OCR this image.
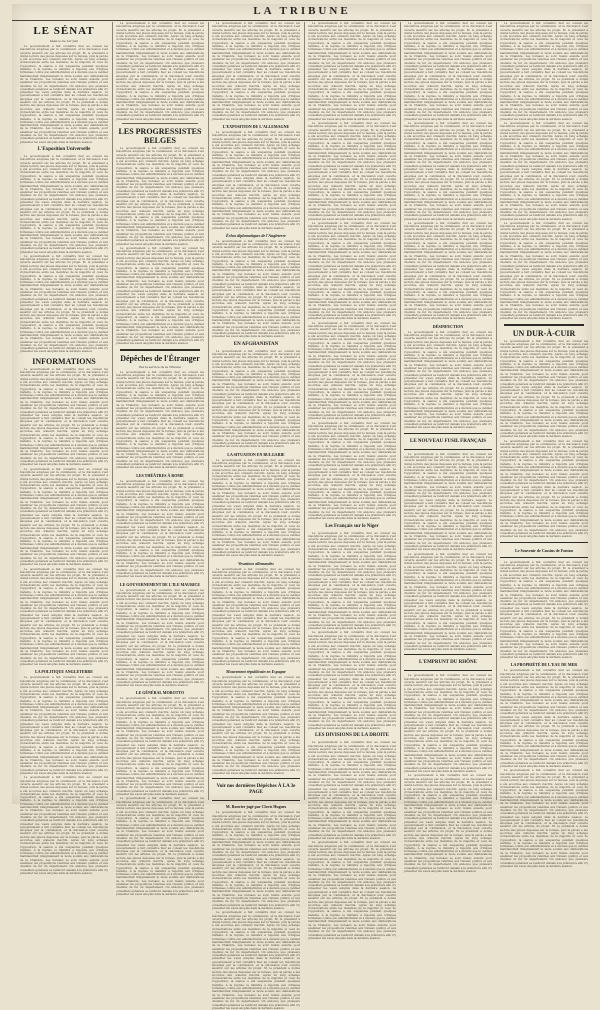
LA TRIBUNE
LE SÉNAT
Séance du 1er juin

Le gouvernement a fait connaître hier au conseil les résolutions adoptées par la commission, et la discussion s'est ouverte aussitôt sur les articles du projet. M. le président a donné lecture des pièces déposées sur le bureau, puis la parole a été accordée aux orateurs inscrits. Après un long échange d'observations entre les membres de la majorité et ceux de l'opposition, la séance a été suspendue pendant quelques instants. À la reprise, le ministre a répondu aux critiques formulées contre son administration et a déclaré que le cabinet maintiendrait intégralement le texte soumis aux délibérations de la Chambre. Les bureaux se sont réunis ensuite pour examiner les propositions relatives aux travaux publics et aux chemins de fer du département. On annonce que plusieurs conseillers généraux se rendront demain à la préfecture afin d'y présenter les vœux adoptés dans la dernière session. Le gouvernement a fait connaître hier au conseil les résolutions adoptées par la commission, et la discussion s'est ouverte aussitôt sur les articles du projet. M. le président a donné lecture des pièces déposées sur le bureau, puis la parole a été accordée aux orateurs inscrits. Après un long échange d'observations entre les membres de la majorité et ceux de l'opposition, la séance a été suspendue pendant quelques instants. À la reprise, le ministre a répondu aux critiques formulées contre son administration et a déclaré que le cabinet maintiendrait intégralement le texte soumis aux délibérations de la Chambre. Les bureaux se sont réunis ensuite pour examiner les propositions relatives aux travaux publics et aux chemins de fer du département. On annonce que plusieurs conseillers généraux se rendront demain à la préfecture afin d'y présenter les vœux adoptés dans la dernière session.

L'Exposition Universelle

Le gouvernement a fait connaître hier au conseil les résolutions adoptées par la commission, et la discussion s'est ouverte aussitôt sur les articles du projet. M. le président a donné lecture des pièces déposées sur le bureau, puis la parole a été accordée aux orateurs inscrits. Après un long échange d'observations entre les membres de la majorité et ceux de l'opposition, la séance a été suspendue pendant quelques instants. À la reprise, le ministre a répondu aux critiques formulées contre son administration et a déclaré que le cabinet maintiendrait intégralement le texte soumis aux délibérations de la Chambre. Les bureaux se sont réunis ensuite pour examiner les propositions relatives aux travaux publics et aux chemins de fer du département. On annonce que plusieurs conseillers généraux se rendront demain à la préfecture afin d'y présenter les vœux adoptés dans la dernière session. Le gouvernement a fait connaître hier au conseil les résolutions adoptées par la commission, et la discussion s'est ouverte aussitôt sur les articles du projet. M. le président a donné lecture des pièces déposées sur le bureau, puis la parole a été accordée aux orateurs inscrits. Après un long échange d'observations entre les membres de la majorité et ceux de l'opposition, la séance a été suspendue pendant quelques instants. À la reprise, le ministre a répondu aux critiques formulées contre son administration et a déclaré que le cabinet maintiendrait intégralement le texte soumis aux délibérations de la Chambre. Les bureaux se sont réunis ensuite pour examiner les propositions relatives aux travaux publics et aux chemins de fer du département. On annonce que plusieurs conseillers généraux se rendront demain à la préfecture afin d'y présenter les vœux adoptés dans la dernière session.

Le gouvernement a fait connaître hier au conseil les résolutions adoptées par la commission, et la discussion s'est ouverte aussitôt sur les articles du projet. M. le président a donné lecture des pièces déposées sur le bureau, puis la parole a été accordée aux orateurs inscrits. Après un long échange d'observations entre les membres de la majorité et ceux de l'opposition, la séance a été suspendue pendant quelques instants. À la reprise, le ministre a répondu aux critiques formulées contre son administration et a déclaré que le cabinet maintiendrait intégralement le texte soumis aux délibérations de la Chambre. Les bureaux se sont réunis ensuite pour examiner les propositions relatives aux travaux publics et aux chemins de fer du département. On annonce que plusieurs conseillers généraux se rendront demain à la préfecture afin d'y présenter les vœux adoptés dans la dernière session. Le gouvernement a fait connaître hier au conseil les résolutions adoptées par la commission, et la discussion s'est ouverte aussitôt sur les articles du projet. M. le président a donné lecture des pièces déposées sur le bureau, puis la parole a été accordée aux orateurs inscrits. Après un long échange d'observations entre les membres de la majorité et ceux de l'opposition, la séance a été suspendue pendant quelques instants. À la reprise, le ministre a répondu aux critiques formulées contre son administration et a déclaré que le cabinet maintiendrait intégralement le texte soumis aux délibérations de la Chambre. Les bureaux se sont réunis ensuite pour examiner les propositions relatives aux travaux publics et aux chemins de fer du département. On annonce que plusieurs conseillers généraux se rendront demain à la préfecture afin d'y présenter les vœux adoptés dans la dernière session.

INFORMATIONS

Le gouvernement a fait connaître hier au conseil les résolutions adoptées par la commission, et la discussion s'est ouverte aussitôt sur les articles du projet. M. le président a donné lecture des pièces déposées sur le bureau, puis la parole a été accordée aux orateurs inscrits. Après un long échange d'observations entre les membres de la majorité et ceux de l'opposition, la séance a été suspendue pendant quelques instants. À la reprise, le ministre a répondu aux critiques formulées contre son administration et a déclaré que le cabinet maintiendrait intégralement le texte soumis aux délibérations de la Chambre. Les bureaux se sont réunis ensuite pour examiner les propositions relatives aux travaux publics et aux chemins de fer du département. On annonce que plusieurs conseillers généraux se rendront demain à la préfecture afin d'y présenter les vœux adoptés dans la dernière session. Le gouvernement a fait connaître hier au conseil les résolutions adoptées par la commission, et la discussion s'est ouverte aussitôt sur les articles du projet. M. le président a donné lecture des pièces déposées sur le bureau, puis la parole a été accordée aux orateurs inscrits. Après un long échange d'observations entre les membres de la majorité et ceux de l'opposition, la séance a été suspendue pendant quelques instants. À la reprise, le ministre a répondu aux critiques formulées contre son administration et a déclaré que le cabinet maintiendrait intégralement le texte soumis aux délibérations de la Chambre. Les bureaux se sont réunis ensuite pour examiner les propositions relatives aux travaux publics et aux chemins de fer du département. On annonce que plusieurs conseillers généraux se rendront demain à la préfecture afin d'y présenter les vœux adoptés dans la dernière session.

Le gouvernement a fait connaître hier au conseil les résolutions adoptées par la commission, et la discussion s'est ouverte aussitôt sur les articles du projet. M. le président a donné lecture des pièces déposées sur le bureau, puis la parole a été accordée aux orateurs inscrits. Après un long échange d'observations entre les membres de la majorité et ceux de l'opposition, la séance a été suspendue pendant quelques instants. À la reprise, le ministre a répondu aux critiques formulées contre son administration et a déclaré que le cabinet maintiendrait intégralement le texte soumis aux délibérations de la Chambre. Les bureaux se sont réunis ensuite pour examiner les propositions relatives aux travaux publics et aux chemins de fer du département. On annonce que plusieurs conseillers généraux se rendront demain à la préfecture afin d'y présenter les vœux adoptés dans la dernière session. Le gouvernement a fait connaître hier au conseil les résolutions adoptées par la commission, et la discussion s'est ouverte aussitôt sur les articles du projet. M. le président a donné lecture des pièces déposées sur le bureau, puis la parole a été accordée aux orateurs inscrits. Après un long échange d'observations entre les membres de la majorité et ceux de l'opposition, la séance a été suspendue pendant quelques instants. À la reprise, le ministre a répondu aux critiques formulées contre son administration et a déclaré que le cabinet maintiendrait intégralement le texte soumis aux délibérations de la Chambre. Les bureaux se sont réunis ensuite pour examiner les propositions relatives aux travaux publics et aux chemins de fer du département. On annonce que plusieurs conseillers généraux se rendront demain à la préfecture afin d'y présenter les vœux adoptés dans la dernière session.

Le gouvernement a fait connaître hier au conseil les résolutions adoptées par la commission, et la discussion s'est ouverte aussitôt sur les articles du projet. M. le président a donné lecture des pièces déposées sur le bureau, puis la parole a été accordée aux orateurs inscrits. Après un long échange d'observations entre les membres de la majorité et ceux de l'opposition, la séance a été suspendue pendant quelques instants. À la reprise, le ministre a répondu aux critiques formulées contre son administration et a déclaré que le cabinet maintiendrait intégralement le texte soumis aux délibérations de la Chambre. Les bureaux se sont réunis ensuite pour examiner les propositions relatives aux travaux publics et aux chemins de fer du département. On annonce que plusieurs conseillers généraux se rendront demain à la préfecture afin d'y présenter les vœux adoptés dans la dernière session. Le gouvernement a fait connaître hier au conseil les résolutions adoptées par la commission, et la discussion s'est ouverte aussitôt sur les articles du projet. M. le président a donné lecture des pièces déposées sur le bureau, puis la parole a été accordée aux orateurs inscrits. Après un long échange d'observations entre les membres de la majorité et ceux de l'opposition, la séance a été suspendue pendant quelques instants. À la reprise, le ministre a répondu aux critiques formulées contre son administration et a déclaré que le cabinet maintiendrait intégralement le texte soumis aux délibérations de la Chambre. Les bureaux se sont réunis ensuite pour examiner les propositions relatives aux travaux publics et aux chemins de fer du département. On annonce que plusieurs conseillers généraux se rendront demain à la préfecture afin d'y présenter les vœux adoptés dans la dernière session.

LA POLITIQUE ANGLETERRE

Le gouvernement a fait connaître hier au conseil les résolutions adoptées par la commission, et la discussion s'est ouverte aussitôt sur les articles du projet. M. le président a donné lecture des pièces déposées sur le bureau, puis la parole a été accordée aux orateurs inscrits. Après un long échange d'observations entre les membres de la majorité et ceux de l'opposition, la séance a été suspendue pendant quelques instants. À la reprise, le ministre a répondu aux critiques formulées contre son administration et a déclaré que le cabinet maintiendrait intégralement le texte soumis aux délibérations de la Chambre. Les bureaux se sont réunis ensuite pour examiner les propositions relatives aux travaux publics et aux chemins de fer du département. On annonce que plusieurs conseillers généraux se rendront demain à la préfecture afin d'y présenter les vœux adoptés dans la dernière session. Le gouvernement a fait connaître hier au conseil les résolutions adoptées par la commission, et la discussion s'est ouverte aussitôt sur les articles du projet. M. le président a donné lecture des pièces déposées sur le bureau, puis la parole a été accordée aux orateurs inscrits. Après un long échange d'observations entre les membres de la majorité et ceux de l'opposition, la séance a été suspendue pendant quelques instants. À la reprise, le ministre a répondu aux critiques formulées contre son administration et a déclaré que le cabinet maintiendrait intégralement le texte soumis aux délibérations de la Chambre. Les bureaux se sont réunis ensuite pour examiner les propositions relatives aux travaux publics et aux chemins de fer du département. On annonce que plusieurs conseillers généraux se rendront demain à la préfecture afin d'y présenter les vœux adoptés dans la dernière session.

Le gouvernement a fait connaître hier au conseil les résolutions adoptées par la commission, et la discussion s'est ouverte aussitôt sur les articles du projet. M. le président a donné lecture des pièces déposées sur le bureau, puis la parole a été accordée aux orateurs inscrits. Après un long échange d'observations entre les membres de la majorité et ceux de l'opposition, la séance a été suspendue pendant quelques instants. À la reprise, le ministre a répondu aux critiques formulées contre son administration et a déclaré que le cabinet maintiendrait intégralement le texte soumis aux délibérations de la Chambre. Les bureaux se sont réunis ensuite pour examiner les propositions relatives aux travaux publics et aux chemins de fer du département. On annonce que plusieurs conseillers généraux se rendront demain à la préfecture afin d'y présenter les vœux adoptés dans la dernière session. Le gouvernement a fait connaître hier au conseil les résolutions adoptées par la commission, et la discussion s'est ouverte aussitôt sur les articles du projet. M. le président a donné lecture des pièces déposées sur le bureau, puis la parole a été accordée aux orateurs inscrits. Après un long échange d'observations entre les membres de la majorité et ceux de l'opposition, la séance a été suspendue pendant quelques instants. À la reprise, le ministre a répondu aux critiques formulées contre son administration et a déclaré que le cabinet maintiendrait intégralement le texte soumis aux délibérations de la Chambre. Les bureaux se sont réunis ensuite pour examiner les propositions relatives aux travaux publics et aux chemins de fer du département. On annonce que plusieurs conseillers généraux se rendront demain à la préfecture afin d'y présenter les vœux adoptés dans la dernière session.

Le gouvernement a fait connaître hier au conseil les résolutions adoptées par la commission, et la discussion s'est ouverte aussitôt sur les articles du projet. M. le président a donné lecture des pièces déposées sur le bureau, puis la parole a été accordée aux orateurs inscrits. Après un long échange d'observations entre les membres de la majorité et ceux de l'opposition, la séance a été suspendue pendant quelques instants. À la reprise, le ministre a répondu aux critiques formulées contre son administration et a déclaré que le cabinet maintiendrait intégralement le texte soumis aux délibérations de la Chambre. Les bureaux se sont réunis ensuite pour examiner les propositions relatives aux travaux publics et aux chemins de fer du département. On annonce que plusieurs conseillers généraux se rendront demain à la préfecture afin d'y présenter les vœux adoptés dans la dernière session. Le gouvernement a fait connaître hier au conseil les résolutions adoptées par la commission, et la discussion s'est ouverte aussitôt sur les articles du projet. M. le président a donné lecture des pièces déposées sur le bureau, puis la parole a été accordée aux orateurs inscrits. Après un long échange d'observations entre les membres de la majorité et ceux de l'opposition, la séance a été suspendue pendant quelques instants. À la reprise, le ministre a répondu aux critiques formulées contre son administration et a déclaré que le cabinet maintiendrait intégralement le texte soumis aux délibérations de la Chambre. Les bureaux se sont réunis ensuite pour examiner les propositions relatives aux travaux publics et aux chemins de fer du département. On annonce que plusieurs conseillers généraux se rendront demain à la préfecture afin d'y présenter les vœux adoptés dans la dernière session.

LES PROGRESSISTES BELGES

Le gouvernement a fait connaître hier au conseil les résolutions adoptées par la commission, et la discussion s'est ouverte aussitôt sur les articles du projet. M. le président a donné lecture des pièces déposées sur le bureau, puis la parole a été accordée aux orateurs inscrits. Après un long échange d'observations entre les membres de la majorité et ceux de l'opposition, la séance a été suspendue pendant quelques instants. À la reprise, le ministre a répondu aux critiques formulées contre son administration et a déclaré que le cabinet maintiendrait intégralement le texte soumis aux délibérations de la Chambre. Les bureaux se sont réunis ensuite pour examiner les propositions relatives aux travaux publics et aux chemins de fer du département. On annonce que plusieurs conseillers généraux se rendront demain à la préfecture afin d'y présenter les vœux adoptés dans la dernière session. Le gouvernement a fait connaître hier au conseil les résolutions adoptées par la commission, et la discussion s'est ouverte aussitôt sur les articles du projet. M. le président a donné lecture des pièces déposées sur le bureau, puis la parole a été accordée aux orateurs inscrits. Après un long échange d'observations entre les membres de la majorité et ceux de l'opposition, la séance a été suspendue pendant quelques instants. À la reprise, le ministre a répondu aux critiques formulées contre son administration et a déclaré que le cabinet maintiendrait intégralement le texte soumis aux délibérations de la Chambre. Les bureaux se sont réunis ensuite pour examiner les propositions relatives aux travaux publics et aux chemins de fer du département. On annonce que plusieurs conseillers généraux se rendront demain à la préfecture afin d'y présenter les vœux adoptés dans la dernière session.

Le gouvernement a fait connaître hier au conseil les résolutions adoptées par la commission, et la discussion s'est ouverte aussitôt sur les articles du projet. M. le président a donné lecture des pièces déposées sur le bureau, puis la parole a été accordée aux orateurs inscrits. Après un long échange d'observations entre les membres de la majorité et ceux de l'opposition, la séance a été suspendue pendant quelques instants. À la reprise, le ministre a répondu aux critiques formulées contre son administration et a déclaré que le cabinet maintiendrait intégralement le texte soumis aux délibérations de la Chambre. Les bureaux se sont réunis ensuite pour examiner les propositions relatives aux travaux publics et aux chemins de fer du département. On annonce que plusieurs conseillers généraux se rendront demain à la préfecture afin d'y présenter les vœux adoptés dans la dernière session. Le gouvernement a fait connaître hier au conseil les résolutions adoptées par la commission, et la discussion s'est ouverte aussitôt sur les articles du projet. M. le président a donné lecture des pièces déposées sur le bureau, puis la parole a été accordée aux orateurs inscrits. Après un long échange d'observations entre les membres de la majorité et ceux de l'opposition, la séance a été suspendue pendant quelques instants. À la reprise, le ministre a répondu aux critiques formulées contre son administration et a déclaré que le cabinet maintiendrait intégralement le texte soumis aux délibérations de la Chambre. Les bureaux se sont réunis ensuite pour examiner les propositions relatives aux travaux publics et aux chemins de fer du département. On annonce que plusieurs conseillers généraux se rendront demain à la préfecture afin d'y présenter les vœux adoptés dans la dernière session.

Dépêches de l'Étranger
Par le service de la Tribune

Le gouvernement a fait connaître hier au conseil les résolutions adoptées par la commission, et la discussion s'est ouverte aussitôt sur les articles du projet. M. le président a donné lecture des pièces déposées sur le bureau, puis la parole a été accordée aux orateurs inscrits. Après un long échange d'observations entre les membres de la majorité et ceux de l'opposition, la séance a été suspendue pendant quelques instants. À la reprise, le ministre a répondu aux critiques formulées contre son administration et a déclaré que le cabinet maintiendrait intégralement le texte soumis aux délibérations de la Chambre. Les bureaux se sont réunis ensuite pour examiner les propositions relatives aux travaux publics et aux chemins de fer du département. On annonce que plusieurs conseillers généraux se rendront demain à la préfecture afin d'y présenter les vœux adoptés dans la dernière session. Le gouvernement a fait connaître hier au conseil les résolutions adoptées par la commission, et la discussion s'est ouverte aussitôt sur les articles du projet. M. le président a donné lecture des pièces déposées sur le bureau, puis la parole a été accordée aux orateurs inscrits. Après un long échange d'observations entre les membres de la majorité et ceux de l'opposition, la séance a été suspendue pendant quelques instants. À la reprise, le ministre a répondu aux critiques formulées contre son administration et a déclaré que le cabinet maintiendrait intégralement le texte soumis aux délibérations de la Chambre. Les bureaux se sont réunis ensuite pour examiner les propositions relatives aux travaux publics et aux chemins de fer du département. On annonce que plusieurs conseillers généraux se rendront demain à la préfecture afin d'y présenter les vœux adoptés dans la dernière session.

LES THÉÂTRES À ROME

Le gouvernement a fait connaître hier au conseil les résolutions adoptées par la commission, et la discussion s'est ouverte aussitôt sur les articles du projet. M. le président a donné lecture des pièces déposées sur le bureau, puis la parole a été accordée aux orateurs inscrits. Après un long échange d'observations entre les membres de la majorité et ceux de l'opposition, la séance a été suspendue pendant quelques instants. À la reprise, le ministre a répondu aux critiques formulées contre son administration et a déclaré que le cabinet maintiendrait intégralement le texte soumis aux délibérations de la Chambre. Les bureaux se sont réunis ensuite pour examiner les propositions relatives aux travaux publics et aux chemins de fer du département. On annonce que plusieurs conseillers généraux se rendront demain à la préfecture afin d'y présenter les vœux adoptés dans la dernière session. Le gouvernement a fait connaître hier au conseil les résolutions adoptées par la commission, et la discussion s'est ouverte aussitôt sur les articles du projet. M. le président a donné lecture des pièces déposées sur le bureau, puis la parole a été accordée aux orateurs inscrits. Après un long échange d'observations entre les membres de la majorité et ceux de l'opposition, la séance a été suspendue pendant quelques instants. À la reprise, le ministre a répondu aux critiques formulées contre son administration et a déclaré que le cabinet maintiendrait intégralement le texte soumis aux délibérations de la Chambre. Les bureaux se sont réunis ensuite pour examiner les propositions relatives aux travaux publics et aux chemins de fer du département. On annonce que plusieurs conseillers généraux se rendront demain à la préfecture afin d'y présenter les vœux adoptés dans la dernière session.

LE GOUVERNEMENT DE L'ILE MAURICE

Le gouvernement a fait connaître hier au conseil les résolutions adoptées par la commission, et la discussion s'est ouverte aussitôt sur les articles du projet. M. le président a donné lecture des pièces déposées sur le bureau, puis la parole a été accordée aux orateurs inscrits. Après un long échange d'observations entre les membres de la majorité et ceux de l'opposition, la séance a été suspendue pendant quelques instants. À la reprise, le ministre a répondu aux critiques formulées contre son administration et a déclaré que le cabinet maintiendrait intégralement le texte soumis aux délibérations de la Chambre. Les bureaux se sont réunis ensuite pour examiner les propositions relatives aux travaux publics et aux chemins de fer du département. On annonce que plusieurs conseillers généraux se rendront demain à la préfecture afin d'y présenter les vœux adoptés dans la dernière session. Le gouvernement a fait connaître hier au conseil les résolutions adoptées par la commission, et la discussion s'est ouverte aussitôt sur les articles du projet. M. le président a donné lecture des pièces déposées sur le bureau, puis la parole a été accordée aux orateurs inscrits. Après un long échange d'observations entre les membres de la majorité et ceux de l'opposition, la séance a été suspendue pendant quelques instants. À la reprise, le ministre a répondu aux critiques formulées contre son administration et a déclaré que le cabinet maintiendrait intégralement le texte soumis aux délibérations de la Chambre. Les bureaux se sont réunis ensuite pour examiner les propositions relatives aux travaux publics et aux chemins de fer du département. On annonce que plusieurs conseillers généraux se rendront demain à la préfecture afin d'y présenter les vœux adoptés dans la dernière session.

LE GÉNÉRAL MOROTTO

Le gouvernement a fait connaître hier au conseil les résolutions adoptées par la commission, et la discussion s'est ouverte aussitôt sur les articles du projet. M. le président a donné lecture des pièces déposées sur le bureau, puis la parole a été accordée aux orateurs inscrits. Après un long échange d'observations entre les membres de la majorité et ceux de l'opposition, la séance a été suspendue pendant quelques instants. À la reprise, le ministre a répondu aux critiques formulées contre son administration et a déclaré que le cabinet maintiendrait intégralement le texte soumis aux délibérations de la Chambre. Les bureaux se sont réunis ensuite pour examiner les propositions relatives aux travaux publics et aux chemins de fer du département. On annonce que plusieurs conseillers généraux se rendront demain à la préfecture afin d'y présenter les vœux adoptés dans la dernière session. Le gouvernement a fait connaître hier au conseil les résolutions adoptées par la commission, et la discussion s'est ouverte aussitôt sur les articles du projet. M. le président a donné lecture des pièces déposées sur le bureau, puis la parole a été accordée aux orateurs inscrits. Après un long échange d'observations entre les membres de la majorité et ceux de l'opposition, la séance a été suspendue pendant quelques instants. À la reprise, le ministre a répondu aux critiques formulées contre son administration et a déclaré que le cabinet maintiendrait intégralement le texte soumis aux délibérations de la Chambre. Les bureaux se sont réunis ensuite pour examiner les propositions relatives aux travaux publics et aux chemins de fer du département. On annonce que plusieurs conseillers généraux se rendront demain à la préfecture afin d'y présenter les vœux adoptés dans la dernière session.

Le gouvernement a fait connaître hier au conseil les résolutions adoptées par la commission, et la discussion s'est ouverte aussitôt sur les articles du projet. M. le président a donné lecture des pièces déposées sur le bureau, puis la parole a été accordée aux orateurs inscrits. Après un long échange d'observations entre les membres de la majorité et ceux de l'opposition, la séance a été suspendue pendant quelques instants. À la reprise, le ministre a répondu aux critiques formulées contre son administration et a déclaré que le cabinet maintiendrait intégralement le texte soumis aux délibérations de la Chambre. Les bureaux se sont réunis ensuite pour examiner les propositions relatives aux travaux publics et aux chemins de fer du département. On annonce que plusieurs conseillers généraux se rendront demain à la préfecture afin d'y présenter les vœux adoptés dans la dernière session. Le gouvernement a fait connaître hier au conseil les résolutions adoptées par la commission, et la discussion s'est ouverte aussitôt sur les articles du projet. M. le président a donné lecture des pièces déposées sur le bureau, puis la parole a été accordée aux orateurs inscrits. Après un long échange d'observations entre les membres de la majorité et ceux de l'opposition, la séance a été suspendue pendant quelques instants. À la reprise, le ministre a répondu aux critiques formulées contre son administration et a déclaré que le cabinet maintiendrait intégralement le texte soumis aux délibérations de la Chambre. Les bureaux se sont réunis ensuite pour examiner les propositions relatives aux travaux publics et aux chemins de fer du département. On annonce que plusieurs conseillers généraux se rendront demain à la préfecture afin d'y présenter les vœux adoptés dans la dernière session.

Le gouvernement a fait connaître hier au conseil les résolutions adoptées par la commission, et la discussion s'est ouverte aussitôt sur les articles du projet. M. le président a donné lecture des pièces déposées sur le bureau, puis la parole a été accordée aux orateurs inscrits. Après un long échange d'observations entre les membres de la majorité et ceux de l'opposition, la séance a été suspendue pendant quelques instants. À la reprise, le ministre a répondu aux critiques formulées contre son administration et a déclaré que le cabinet maintiendrait intégralement le texte soumis aux délibérations de la Chambre. Les bureaux se sont réunis ensuite pour examiner les propositions relatives aux travaux publics et aux chemins de fer du département. On annonce que plusieurs conseillers généraux se rendront demain à la préfecture afin d'y présenter les vœux adoptés dans la dernière session. Le gouvernement a fait connaître hier au conseil les résolutions adoptées par la commission, et la discussion s'est ouverte aussitôt sur les articles du projet. M. le président a donné lecture des pièces déposées sur le bureau, puis la parole a été accordée aux orateurs inscrits. Après un long échange d'observations entre les membres de la majorité et ceux de l'opposition, la séance a été suspendue pendant quelques instants. À la reprise, le ministre a répondu aux critiques formulées contre son administration et a déclaré que le cabinet maintiendrait intégralement le texte soumis aux délibérations de la Chambre. Les bureaux se sont réunis ensuite pour examiner les propositions relatives aux travaux publics et aux chemins de fer du département. On annonce que plusieurs conseillers généraux se rendront demain à la préfecture afin d'y présenter les vœux adoptés dans la dernière session.

L'EXPOSITION DE L'ALLEMAGNE

Le gouvernement a fait connaître hier au conseil les résolutions adoptées par la commission, et la discussion s'est ouverte aussitôt sur les articles du projet. M. le président a donné lecture des pièces déposées sur le bureau, puis la parole a été accordée aux orateurs inscrits. Après un long échange d'observations entre les membres de la majorité et ceux de l'opposition, la séance a été suspendue pendant quelques instants. À la reprise, le ministre a répondu aux critiques formulées contre son administration et a déclaré que le cabinet maintiendrait intégralement le texte soumis aux délibérations de la Chambre. Les bureaux se sont réunis ensuite pour examiner les propositions relatives aux travaux publics et aux chemins de fer du département. On annonce que plusieurs conseillers généraux se rendront demain à la préfecture afin d'y présenter les vœux adoptés dans la dernière session. Le gouvernement a fait connaître hier au conseil les résolutions adoptées par la commission, et la discussion s'est ouverte aussitôt sur les articles du projet. M. le président a donné lecture des pièces déposées sur le bureau, puis la parole a été accordée aux orateurs inscrits. Après un long échange d'observations entre les membres de la majorité et ceux de l'opposition, la séance a été suspendue pendant quelques instants. À la reprise, le ministre a répondu aux critiques formulées contre son administration et a déclaré que le cabinet maintiendrait intégralement le texte soumis aux délibérations de la Chambre. Les bureaux se sont réunis ensuite pour examiner les propositions relatives aux travaux publics et aux chemins de fer du département. On annonce que plusieurs conseillers généraux se rendront demain à la préfecture afin d'y présenter les vœux adoptés dans la dernière session.

Échos diplomatiques de l'Angleterre

Le gouvernement a fait connaître hier au conseil les résolutions adoptées par la commission, et la discussion s'est ouverte aussitôt sur les articles du projet. M. le président a donné lecture des pièces déposées sur le bureau, puis la parole a été accordée aux orateurs inscrits. Après un long échange d'observations entre les membres de la majorité et ceux de l'opposition, la séance a été suspendue pendant quelques instants. À la reprise, le ministre a répondu aux critiques formulées contre son administration et a déclaré que le cabinet maintiendrait intégralement le texte soumis aux délibérations de la Chambre. Les bureaux se sont réunis ensuite pour examiner les propositions relatives aux travaux publics et aux chemins de fer du département. On annonce que plusieurs conseillers généraux se rendront demain à la préfecture afin d'y présenter les vœux adoptés dans la dernière session. Le gouvernement a fait connaître hier au conseil les résolutions adoptées par la commission, et la discussion s'est ouverte aussitôt sur les articles du projet. M. le président a donné lecture des pièces déposées sur le bureau, puis la parole a été accordée aux orateurs inscrits. Après un long échange d'observations entre les membres de la majorité et ceux de l'opposition, la séance a été suspendue pendant quelques instants. À la reprise, le ministre a répondu aux critiques formulées contre son administration et a déclaré que le cabinet maintiendrait intégralement le texte soumis aux délibérations de la Chambre. Les bureaux se sont réunis ensuite pour examiner les propositions relatives aux travaux publics et aux chemins de fer du département. On annonce que plusieurs conseillers généraux se rendront demain à la préfecture afin d'y présenter les vœux adoptés dans la dernière session.

EN AFGHANISTAN

Le gouvernement a fait connaître hier au conseil les résolutions adoptées par la commission, et la discussion s'est ouverte aussitôt sur les articles du projet. M. le président a donné lecture des pièces déposées sur le bureau, puis la parole a été accordée aux orateurs inscrits. Après un long échange d'observations entre les membres de la majorité et ceux de l'opposition, la séance a été suspendue pendant quelques instants. À la reprise, le ministre a répondu aux critiques formulées contre son administration et a déclaré que le cabinet maintiendrait intégralement le texte soumis aux délibérations de la Chambre. Les bureaux se sont réunis ensuite pour examiner les propositions relatives aux travaux publics et aux chemins de fer du département. On annonce que plusieurs conseillers généraux se rendront demain à la préfecture afin d'y présenter les vœux adoptés dans la dernière session. Le gouvernement a fait connaître hier au conseil les résolutions adoptées par la commission, et la discussion s'est ouverte aussitôt sur les articles du projet. M. le président a donné lecture des pièces déposées sur le bureau, puis la parole a été accordée aux orateurs inscrits. Après un long échange d'observations entre les membres de la majorité et ceux de l'opposition, la séance a été suspendue pendant quelques instants. À la reprise, le ministre a répondu aux critiques formulées contre son administration et a déclaré que le cabinet maintiendrait intégralement le texte soumis aux délibérations de la Chambre. Les bureaux se sont réunis ensuite pour examiner les propositions relatives aux travaux publics et aux chemins de fer du département. On annonce que plusieurs conseillers généraux se rendront demain à la préfecture afin d'y présenter les vœux adoptés dans la dernière session.

LA SITUATION EN BULGARIE

Le gouvernement a fait connaître hier au conseil les résolutions adoptées par la commission, et la discussion s'est ouverte aussitôt sur les articles du projet. M. le président a donné lecture des pièces déposées sur le bureau, puis la parole a été accordée aux orateurs inscrits. Après un long échange d'observations entre les membres de la majorité et ceux de l'opposition, la séance a été suspendue pendant quelques instants. À la reprise, le ministre a répondu aux critiques formulées contre son administration et a déclaré que le cabinet maintiendrait intégralement le texte soumis aux délibérations de la Chambre. Les bureaux se sont réunis ensuite pour examiner les propositions relatives aux travaux publics et aux chemins de fer du département. On annonce que plusieurs conseillers généraux se rendront demain à la préfecture afin d'y présenter les vœux adoptés dans la dernière session. Le gouvernement a fait connaître hier au conseil les résolutions adoptées par la commission, et la discussion s'est ouverte aussitôt sur les articles du projet. M. le président a donné lecture des pièces déposées sur le bureau, puis la parole a été accordée aux orateurs inscrits. Après un long échange d'observations entre les membres de la majorité et ceux de l'opposition, la séance a été suspendue pendant quelques instants. À la reprise, le ministre a répondu aux critiques formulées contre son administration et a déclaré que le cabinet maintiendrait intégralement le texte soumis aux délibérations de la Chambre. Les bureaux se sont réunis ensuite pour examiner les propositions relatives aux travaux publics et aux chemins de fer du département. On annonce que plusieurs conseillers généraux se rendront demain à la préfecture afin d'y présenter les vœux adoptés dans la dernière session.

Vexations allemandes

Le gouvernement a fait connaître hier au conseil les résolutions adoptées par la commission, et la discussion s'est ouverte aussitôt sur les articles du projet. M. le président a donné lecture des pièces déposées sur le bureau, puis la parole a été accordée aux orateurs inscrits. Après un long échange d'observations entre les membres de la majorité et ceux de l'opposition, la séance a été suspendue pendant quelques instants. À la reprise, le ministre a répondu aux critiques formulées contre son administration et a déclaré que le cabinet maintiendrait intégralement le texte soumis aux délibérations de la Chambre. Les bureaux se sont réunis ensuite pour examiner les propositions relatives aux travaux publics et aux chemins de fer du département. On annonce que plusieurs conseillers généraux se rendront demain à la préfecture afin d'y présenter les vœux adoptés dans la dernière session. Le gouvernement a fait connaître hier au conseil les résolutions adoptées par la commission, et la discussion s'est ouverte aussitôt sur les articles du projet. M. le président a donné lecture des pièces déposées sur le bureau, puis la parole a été accordée aux orateurs inscrits. Après un long échange d'observations entre les membres de la majorité et ceux de l'opposition, la séance a été suspendue pendant quelques instants. À la reprise, le ministre a répondu aux critiques formulées contre son administration et a déclaré que le cabinet maintiendrait intégralement le texte soumis aux délibérations de la Chambre. Les bureaux se sont réunis ensuite pour examiner les propositions relatives aux travaux publics et aux chemins de fer du département. On annonce que plusieurs conseillers généraux se rendront demain à la préfecture afin d'y présenter les vœux adoptés dans la dernière session.

Mouvement républicain en Espagne

Le gouvernement a fait connaître hier au conseil les résolutions adoptées par la commission, et la discussion s'est ouverte aussitôt sur les articles du projet. M. le président a donné lecture des pièces déposées sur le bureau, puis la parole a été accordée aux orateurs inscrits. Après un long échange d'observations entre les membres de la majorité et ceux de l'opposition, la séance a été suspendue pendant quelques instants. À la reprise, le ministre a répondu aux critiques formulées contre son administration et a déclaré que le cabinet maintiendrait intégralement le texte soumis aux délibérations de la Chambre. Les bureaux se sont réunis ensuite pour examiner les propositions relatives aux travaux publics et aux chemins de fer du département. On annonce que plusieurs conseillers généraux se rendront demain à la préfecture afin d'y présenter les vœux adoptés dans la dernière session. Le gouvernement a fait connaître hier au conseil les résolutions adoptées par la commission, et la discussion s'est ouverte aussitôt sur les articles du projet. M. le président a donné lecture des pièces déposées sur le bureau, puis la parole a été accordée aux orateurs inscrits. Après un long échange d'observations entre les membres de la majorité et ceux de l'opposition, la séance a été suspendue pendant quelques instants. À la reprise, le ministre a répondu aux critiques formulées contre son administration et a déclaré que le cabinet maintiendrait intégralement le texte soumis aux délibérations de la Chambre. Les bureaux se sont réunis ensuite pour examiner les propositions relatives aux travaux publics et aux chemins de fer du département. On annonce que plusieurs conseillers généraux se rendront demain à la préfecture afin d'y présenter les vœux adoptés dans la dernière session.

Voir nos dernières Dépêches À LA 3e PAGE
M. Rouvier jugé par Clovis Hugues

Le gouvernement a fait connaître hier au conseil les résolutions adoptées par la commission, et la discussion s'est ouverte aussitôt sur les articles du projet. M. le président a donné lecture des pièces déposées sur le bureau, puis la parole a été accordée aux orateurs inscrits. Après un long échange d'observations entre les membres de la majorité et ceux de l'opposition, la séance a été suspendue pendant quelques instants. À la reprise, le ministre a répondu aux critiques formulées contre son administration et a déclaré que le cabinet maintiendrait intégralement le texte soumis aux délibérations de la Chambre. Les bureaux se sont réunis ensuite pour examiner les propositions relatives aux travaux publics et aux chemins de fer du département. On annonce que plusieurs conseillers généraux se rendront demain à la préfecture afin d'y présenter les vœux adoptés dans la dernière session. Le gouvernement a fait connaître hier au conseil les résolutions adoptées par la commission, et la discussion s'est ouverte aussitôt sur les articles du projet. M. le président a donné lecture des pièces déposées sur le bureau, puis la parole a été accordée aux orateurs inscrits. Après un long échange d'observations entre les membres de la majorité et ceux de l'opposition, la séance a été suspendue pendant quelques instants. À la reprise, le ministre a répondu aux critiques formulées contre son administration et a déclaré que le cabinet maintiendrait intégralement le texte soumis aux délibérations de la Chambre. Les bureaux se sont réunis ensuite pour examiner les propositions relatives aux travaux publics et aux chemins de fer du département. On annonce que plusieurs conseillers généraux se rendront demain à la préfecture afin d'y présenter les vœux adoptés dans la dernière session.

Le gouvernement a fait connaître hier au conseil les résolutions adoptées par la commission, et la discussion s'est ouverte aussitôt sur les articles du projet. M. le président a donné lecture des pièces déposées sur le bureau, puis la parole a été accordée aux orateurs inscrits. Après un long échange d'observations entre les membres de la majorité et ceux de l'opposition, la séance a été suspendue pendant quelques instants. À la reprise, le ministre a répondu aux critiques formulées contre son administration et a déclaré que le cabinet maintiendrait intégralement le texte soumis aux délibérations de la Chambre. Les bureaux se sont réunis ensuite pour examiner les propositions relatives aux travaux publics et aux chemins de fer du département. On annonce que plusieurs conseillers généraux se rendront demain à la préfecture afin d'y présenter les vœux adoptés dans la dernière session. Le gouvernement a fait connaître hier au conseil les résolutions adoptées par la commission, et la discussion s'est ouverte aussitôt sur les articles du projet. M. le président a donné lecture des pièces déposées sur le bureau, puis la parole a été accordée aux orateurs inscrits. Après un long échange d'observations entre les membres de la majorité et ceux de l'opposition, la séance a été suspendue pendant quelques instants. À la reprise, le ministre a répondu aux critiques formulées contre son administration et a déclaré que le cabinet maintiendrait intégralement le texte soumis aux délibérations de la Chambre. Les bureaux se sont réunis ensuite pour examiner les propositions relatives aux travaux publics et aux chemins de fer du département. On annonce que plusieurs conseillers généraux se rendront demain à la préfecture afin d'y présenter les vœux adoptés dans la dernière session.

Le gouvernement a fait connaître hier au conseil les résolutions adoptées par la commission, et la discussion s'est ouverte aussitôt sur les articles du projet. M. le président a donné lecture des pièces déposées sur le bureau, puis la parole a été accordée aux orateurs inscrits. Après un long échange d'observations entre les membres de la majorité et ceux de l'opposition, la séance a été suspendue pendant quelques instants. À la reprise, le ministre a répondu aux critiques formulées contre son administration et a déclaré que le cabinet maintiendrait intégralement le texte soumis aux délibérations de la Chambre. Les bureaux se sont réunis ensuite pour examiner les propositions relatives aux travaux publics et aux chemins de fer du département. On annonce que plusieurs conseillers généraux se rendront demain à la préfecture afin d'y présenter les vœux adoptés dans la dernière session. Le gouvernement a fait connaître hier au conseil les résolutions adoptées par la commission, et la discussion s'est ouverte aussitôt sur les articles du projet. M. le président a donné lecture des pièces déposées sur le bureau, puis la parole a été accordée aux orateurs inscrits. Après un long échange d'observations entre les membres de la majorité et ceux de l'opposition, la séance a été suspendue pendant quelques instants. À la reprise, le ministre a répondu aux critiques formulées contre son administration et a déclaré que le cabinet maintiendrait intégralement le texte soumis aux délibérations de la Chambre. Les bureaux se sont réunis ensuite pour examiner les propositions relatives aux travaux publics et aux chemins de fer du département. On annonce que plusieurs conseillers généraux se rendront demain à la préfecture afin d'y présenter les vœux adoptés dans la dernière session.

Le gouvernement a fait connaître hier au conseil les résolutions adoptées par la commission, et la discussion s'est ouverte aussitôt sur les articles du projet. M. le président a donné lecture des pièces déposées sur le bureau, puis la parole a été accordée aux orateurs inscrits. Après un long échange d'observations entre les membres de la majorité et ceux de l'opposition, la séance a été suspendue pendant quelques instants. À la reprise, le ministre a répondu aux critiques formulées contre son administration et a déclaré que le cabinet maintiendrait intégralement le texte soumis aux délibérations de la Chambre. Les bureaux se sont réunis ensuite pour examiner les propositions relatives aux travaux publics et aux chemins de fer du département. On annonce que plusieurs conseillers généraux se rendront demain à la préfecture afin d'y présenter les vœux adoptés dans la dernière session. Le gouvernement a fait connaître hier au conseil les résolutions adoptées par la commission, et la discussion s'est ouverte aussitôt sur les articles du projet. M. le président a donné lecture des pièces déposées sur le bureau, puis la parole a été accordée aux orateurs inscrits. Après un long échange d'observations entre les membres de la majorité et ceux de l'opposition, la séance a été suspendue pendant quelques instants. À la reprise, le ministre a répondu aux critiques formulées contre son administration et a déclaré que le cabinet maintiendrait intégralement le texte soumis aux délibérations de la Chambre. Les bureaux se sont réunis ensuite pour examiner les propositions relatives aux travaux publics et aux chemins de fer du département. On annonce que plusieurs conseillers généraux se rendront demain à la préfecture afin d'y présenter les vœux adoptés dans la dernière session.

Le gouvernement a fait connaître hier au conseil les résolutions adoptées par la commission, et la discussion s'est ouverte aussitôt sur les articles du projet. M. le président a donné lecture des pièces déposées sur le bureau, puis la parole a été accordée aux orateurs inscrits. Après un long échange d'observations entre les membres de la majorité et ceux de l'opposition, la séance a été suspendue pendant quelques instants. À la reprise, le ministre a répondu aux critiques formulées contre son administration et a déclaré que le cabinet maintiendrait intégralement le texte soumis aux délibérations de la Chambre. Les bureaux se sont réunis ensuite pour examiner les propositions relatives aux travaux publics et aux chemins de fer du département. On annonce que plusieurs conseillers généraux se rendront demain à la préfecture afin d'y présenter les vœux adoptés dans la dernière session. Le gouvernement a fait connaître hier au conseil les résolutions adoptées par la commission, et la discussion s'est ouverte aussitôt sur les articles du projet. M. le président a donné lecture des pièces déposées sur le bureau, puis la parole a été accordée aux orateurs inscrits. Après un long échange d'observations entre les membres de la majorité et ceux de l'opposition, la séance a été suspendue pendant quelques instants. À la reprise, le ministre a répondu aux critiques formulées contre son administration et a déclaré que le cabinet maintiendrait intégralement le texte soumis aux délibérations de la Chambre. Les bureaux se sont réunis ensuite pour examiner les propositions relatives aux travaux publics et aux chemins de fer du département. On annonce que plusieurs conseillers généraux se rendront demain à la préfecture afin d'y présenter les vœux adoptés dans la dernière session.

Le gouvernement a fait connaître hier au conseil les résolutions adoptées par la commission, et la discussion s'est ouverte aussitôt sur les articles du projet. M. le président a donné lecture des pièces déposées sur le bureau, puis la parole a été accordée aux orateurs inscrits. Après un long échange d'observations entre les membres de la majorité et ceux de l'opposition, la séance a été suspendue pendant quelques instants. À la reprise, le ministre a répondu aux critiques formulées contre son administration et a déclaré que le cabinet maintiendrait intégralement le texte soumis aux délibérations de la Chambre. Les bureaux se sont réunis ensuite pour examiner les propositions relatives aux travaux publics et aux chemins de fer du département. On annonce que plusieurs conseillers généraux se rendront demain à la préfecture afin d'y présenter les vœux adoptés dans la dernière session. Le gouvernement a fait connaître hier au conseil les résolutions adoptées par la commission, et la discussion s'est ouverte aussitôt sur les articles du projet. M. le président a donné lecture des pièces déposées sur le bureau, puis la parole a été accordée aux orateurs inscrits. Après un long échange d'observations entre les membres de la majorité et ceux de l'opposition, la séance a été suspendue pendant quelques instants. À la reprise, le ministre a répondu aux critiques formulées contre son administration et a déclaré que le cabinet maintiendrait intégralement le texte soumis aux délibérations de la Chambre. Les bureaux se sont réunis ensuite pour examiner les propositions relatives aux travaux publics et aux chemins de fer du département. On annonce que plusieurs conseillers généraux se rendront demain à la préfecture afin d'y présenter les vœux adoptés dans la dernière session.

Le gouvernement a fait connaître hier au conseil les résolutions adoptées par la commission, et la discussion s'est ouverte aussitôt sur les articles du projet. M. le président a donné lecture des pièces déposées sur le bureau, puis la parole a été accordée aux orateurs inscrits. Après un long échange d'observations entre les membres de la majorité et ceux de l'opposition, la séance a été suspendue pendant quelques instants. À la reprise, le ministre a répondu aux critiques formulées contre son administration et a déclaré que le cabinet maintiendrait intégralement le texte soumis aux délibérations de la Chambre. Les bureaux se sont réunis ensuite pour examiner les propositions relatives aux travaux publics et aux chemins de fer du département. On annonce que plusieurs conseillers généraux se rendront demain à la préfecture afin d'y présenter les vœux adoptés dans la dernière session. Le gouvernement a fait connaître hier au conseil les résolutions adoptées par la commission, et la discussion s'est ouverte aussitôt sur les articles du projet. M. le président a donné lecture des pièces déposées sur le bureau, puis la parole a été accordée aux orateurs inscrits. Après un long échange d'observations entre les membres de la majorité et ceux de l'opposition, la séance a été suspendue pendant quelques instants. À la reprise, le ministre a répondu aux critiques formulées contre son administration et a déclaré que le cabinet maintiendrait intégralement le texte soumis aux délibérations de la Chambre. Les bureaux se sont réunis ensuite pour examiner les propositions relatives aux travaux publics et aux chemins de fer du département. On annonce que plusieurs conseillers généraux se rendront demain à la préfecture afin d'y présenter les vœux adoptés dans la dernière session.

Les Français sur le Niger

Le gouvernement a fait connaître hier au conseil les résolutions adoptées par la commission, et la discussion s'est ouverte aussitôt sur les articles du projet. M. le président a donné lecture des pièces déposées sur le bureau, puis la parole a été accordée aux orateurs inscrits. Après un long échange d'observations entre les membres de la majorité et ceux de l'opposition, la séance a été suspendue pendant quelques instants. À la reprise, le ministre a répondu aux critiques formulées contre son administration et a déclaré que le cabinet maintiendrait intégralement le texte soumis aux délibérations de la Chambre. Les bureaux se sont réunis ensuite pour examiner les propositions relatives aux travaux publics et aux chemins de fer du département. On annonce que plusieurs conseillers généraux se rendront demain à la préfecture afin d'y présenter les vœux adoptés dans la dernière session. Le gouvernement a fait connaître hier au conseil les résolutions adoptées par la commission, et la discussion s'est ouverte aussitôt sur les articles du projet. M. le président a donné lecture des pièces déposées sur le bureau, puis la parole a été accordée aux orateurs inscrits. Après un long échange d'observations entre les membres de la majorité et ceux de l'opposition, la séance a été suspendue pendant quelques instants. À la reprise, le ministre a répondu aux critiques formulées contre son administration et a déclaré que le cabinet maintiendrait intégralement le texte soumis aux délibérations de la Chambre. Les bureaux se sont réunis ensuite pour examiner les propositions relatives aux travaux publics et aux chemins de fer du département. On annonce que plusieurs conseillers généraux se rendront demain à la préfecture afin d'y présenter les vœux adoptés dans la dernière session.

Le gouvernement a fait connaître hier au conseil les résolutions adoptées par la commission, et la discussion s'est ouverte aussitôt sur les articles du projet. M. le président a donné lecture des pièces déposées sur le bureau, puis la parole a été accordée aux orateurs inscrits. Après un long échange d'observations entre les membres de la majorité et ceux de l'opposition, la séance a été suspendue pendant quelques instants. À la reprise, le ministre a répondu aux critiques formulées contre son administration et a déclaré que le cabinet maintiendrait intégralement le texte soumis aux délibérations de la Chambre. Les bureaux se sont réunis ensuite pour examiner les propositions relatives aux travaux publics et aux chemins de fer du département. On annonce que plusieurs conseillers généraux se rendront demain à la préfecture afin d'y présenter les vœux adoptés dans la dernière session. Le gouvernement a fait connaître hier au conseil les résolutions adoptées par la commission, et la discussion s'est ouverte aussitôt sur les articles du projet. M. le président a donné lecture des pièces déposées sur le bureau, puis la parole a été accordée aux orateurs inscrits. Après un long échange d'observations entre les membres de la majorité et ceux de l'opposition, la séance a été suspendue pendant quelques instants. À la reprise, le ministre a répondu aux critiques formulées contre son administration et a déclaré que le cabinet maintiendrait intégralement le texte soumis aux délibérations de la Chambre. Les bureaux se sont réunis ensuite pour examiner les propositions relatives aux travaux publics et aux chemins de fer du département. On annonce que plusieurs conseillers généraux se rendront demain à la préfecture afin d'y présenter les vœux adoptés dans la dernière session.

LES DIVISIONS DE LA DROITE

Le gouvernement a fait connaître hier au conseil les résolutions adoptées par la commission, et la discussion s'est ouverte aussitôt sur les articles du projet. M. le président a donné lecture des pièces déposées sur le bureau, puis la parole a été accordée aux orateurs inscrits. Après un long échange d'observations entre les membres de la majorité et ceux de l'opposition, la séance a été suspendue pendant quelques instants. À la reprise, le ministre a répondu aux critiques formulées contre son administration et a déclaré que le cabinet maintiendrait intégralement le texte soumis aux délibérations de la Chambre. Les bureaux se sont réunis ensuite pour examiner les propositions relatives aux travaux publics et aux chemins de fer du département. On annonce que plusieurs conseillers généraux se rendront demain à la préfecture afin d'y présenter les vœux adoptés dans la dernière session. Le gouvernement a fait connaître hier au conseil les résolutions adoptées par la commission, et la discussion s'est ouverte aussitôt sur les articles du projet. M. le président a donné lecture des pièces déposées sur le bureau, puis la parole a été accordée aux orateurs inscrits. Après un long échange d'observations entre les membres de la majorité et ceux de l'opposition, la séance a été suspendue pendant quelques instants. À la reprise, le ministre a répondu aux critiques formulées contre son administration et a déclaré que le cabinet maintiendrait intégralement le texte soumis aux délibérations de la Chambre. Les bureaux se sont réunis ensuite pour examiner les propositions relatives aux travaux publics et aux chemins de fer du département. On annonce que plusieurs conseillers généraux se rendront demain à la préfecture afin d'y présenter les vœux adoptés dans la dernière session.

Le gouvernement a fait connaître hier au conseil les résolutions adoptées par la commission, et la discussion s'est ouverte aussitôt sur les articles du projet. M. le président a donné lecture des pièces déposées sur le bureau, puis la parole a été accordée aux orateurs inscrits. Après un long échange d'observations entre les membres de la majorité et ceux de l'opposition, la séance a été suspendue pendant quelques instants. À la reprise, le ministre a répondu aux critiques formulées contre son administration et a déclaré que le cabinet maintiendrait intégralement le texte soumis aux délibérations de la Chambre. Les bureaux se sont réunis ensuite pour examiner les propositions relatives aux travaux publics et aux chemins de fer du département. On annonce que plusieurs conseillers généraux se rendront demain à la préfecture afin d'y présenter les vœux adoptés dans la dernière session. Le gouvernement a fait connaître hier au conseil les résolutions adoptées par la commission, et la discussion s'est ouverte aussitôt sur les articles du projet. M. le président a donné lecture des pièces déposées sur le bureau, puis la parole a été accordée aux orateurs inscrits. Après un long échange d'observations entre les membres de la majorité et ceux de l'opposition, la séance a été suspendue pendant quelques instants. À la reprise, le ministre a répondu aux critiques formulées contre son administration et a déclaré que le cabinet maintiendrait intégralement le texte soumis aux délibérations de la Chambre. Les bureaux se sont réunis ensuite pour examiner les propositions relatives aux travaux publics et aux chemins de fer du département. On annonce que plusieurs conseillers généraux se rendront demain à la préfecture afin d'y présenter les vœux adoptés dans la dernière session.

Le gouvernement a fait connaître hier au conseil les résolutions adoptées par la commission, et la discussion s'est ouverte aussitôt sur les articles du projet. M. le président a donné lecture des pièces déposées sur le bureau, puis la parole a été accordée aux orateurs inscrits. Après un long échange d'observations entre les membres de la majorité et ceux de l'opposition, la séance a été suspendue pendant quelques instants. À la reprise, le ministre a répondu aux critiques formulées contre son administration et a déclaré que le cabinet maintiendrait intégralement le texte soumis aux délibérations de la Chambre. Les bureaux se sont réunis ensuite pour examiner les propositions relatives aux travaux publics et aux chemins de fer du département. On annonce que plusieurs conseillers généraux se rendront demain à la préfecture afin d'y présenter les vœux adoptés dans la dernière session. Le gouvernement a fait connaître hier au conseil les résolutions adoptées par la commission, et la discussion s'est ouverte aussitôt sur les articles du projet. M. le président a donné lecture des pièces déposées sur le bureau, puis la parole a été accordée aux orateurs inscrits. Après un long échange d'observations entre les membres de la majorité et ceux de l'opposition, la séance a été suspendue pendant quelques instants. À la reprise, le ministre a répondu aux critiques formulées contre son administration et a déclaré que le cabinet maintiendrait intégralement le texte soumis aux délibérations de la Chambre. Les bureaux se sont réunis ensuite pour examiner les propositions relatives aux travaux publics et aux chemins de fer du département. On annonce que plusieurs conseillers généraux se rendront demain à la préfecture afin d'y présenter les vœux adoptés dans la dernière session.

Le gouvernement a fait connaître hier au conseil les résolutions adoptées par la commission, et la discussion s'est ouverte aussitôt sur les articles du projet. M. le président a donné lecture des pièces déposées sur le bureau, puis la parole a été accordée aux orateurs inscrits. Après un long échange d'observations entre les membres de la majorité et ceux de l'opposition, la séance a été suspendue pendant quelques instants. À la reprise, le ministre a répondu aux critiques formulées contre son administration et a déclaré que le cabinet maintiendrait intégralement le texte soumis aux délibérations de la Chambre. Les bureaux se sont réunis ensuite pour examiner les propositions relatives aux travaux publics et aux chemins de fer du département. On annonce que plusieurs conseillers généraux se rendront demain à la préfecture afin d'y présenter les vœux adoptés dans la dernière session. Le gouvernement a fait connaître hier au conseil les résolutions adoptées par la commission, et la discussion s'est ouverte aussitôt sur les articles du projet. M. le président a donné lecture des pièces déposées sur le bureau, puis la parole a été accordée aux orateurs inscrits. Après un long échange d'observations entre les membres de la majorité et ceux de l'opposition, la séance a été suspendue pendant quelques instants. À la reprise, le ministre a répondu aux critiques formulées contre son administration et a déclaré que le cabinet maintiendrait intégralement le texte soumis aux délibérations de la Chambre. Les bureaux se sont réunis ensuite pour examiner les propositions relatives aux travaux publics et aux chemins de fer du département. On annonce que plusieurs conseillers généraux se rendront demain à la préfecture afin d'y présenter les vœux adoptés dans la dernière session.

Le gouvernement a fait connaître hier au conseil les résolutions adoptées par la commission, et la discussion s'est ouverte aussitôt sur les articles du projet. M. le président a donné lecture des pièces déposées sur le bureau, puis la parole a été accordée aux orateurs inscrits. Après un long échange d'observations entre les membres de la majorité et ceux de l'opposition, la séance a été suspendue pendant quelques instants. À la reprise, le ministre a répondu aux critiques formulées contre son administration et a déclaré que le cabinet maintiendrait intégralement le texte soumis aux délibérations de la Chambre. Les bureaux se sont réunis ensuite pour examiner les propositions relatives aux travaux publics et aux chemins de fer du département. On annonce que plusieurs conseillers généraux se rendront demain à la préfecture afin d'y présenter les vœux adoptés dans la dernière session. Le gouvernement a fait connaître hier au conseil les résolutions adoptées par la commission, et la discussion s'est ouverte aussitôt sur les articles du projet. M. le président a donné lecture des pièces déposées sur le bureau, puis la parole a été accordée aux orateurs inscrits. Après un long échange d'observations entre les membres de la majorité et ceux de l'opposition, la séance a été suspendue pendant quelques instants. À la reprise, le ministre a répondu aux critiques formulées contre son administration et a déclaré que le cabinet maintiendrait intégralement le texte soumis aux délibérations de la Chambre. Les bureaux se sont réunis ensuite pour examiner les propositions relatives aux travaux publics et aux chemins de fer du département. On annonce que plusieurs conseillers généraux se rendront demain à la préfecture afin d'y présenter les vœux adoptés dans la dernière session.

DÉSINFECTION

Le gouvernement a fait connaître hier au conseil les résolutions adoptées par la commission, et la discussion s'est ouverte aussitôt sur les articles du projet. M. le président a donné lecture des pièces déposées sur le bureau, puis la parole a été accordée aux orateurs inscrits. Après un long échange d'observations entre les membres de la majorité et ceux de l'opposition, la séance a été suspendue pendant quelques instants. À la reprise, le ministre a répondu aux critiques formulées contre son administration et a déclaré que le cabinet maintiendrait intégralement le texte soumis aux délibérations de la Chambre. Les bureaux se sont réunis ensuite pour examiner les propositions relatives aux travaux publics et aux chemins de fer du département. On annonce que plusieurs conseillers généraux se rendront demain à la préfecture afin d'y présenter les vœux adoptés dans la dernière session. Le gouvernement a fait connaître hier au conseil les résolutions adoptées par la commission, et la discussion s'est ouverte aussitôt sur les articles du projet. M. le président a donné lecture des pièces déposées sur le bureau, puis la parole a été accordée aux orateurs inscrits. Après un long échange d'observations entre les membres de la majorité et ceux de l'opposition, la séance a été suspendue pendant quelques instants. À la reprise, le ministre a répondu aux critiques formulées contre son administration et a déclaré que le cabinet maintiendrait intégralement le texte soumis aux délibérations de la Chambre. Les bureaux se sont réunis ensuite pour examiner les propositions relatives aux travaux publics et aux chemins de fer du département. On annonce que plusieurs conseillers généraux se rendront demain à la préfecture afin d'y présenter les vœux adoptés dans la dernière session.

LE NOUVEAU FUSIL FRANÇAIS

Le gouvernement a fait connaître hier au conseil les résolutions adoptées par la commission, et la discussion s'est ouverte aussitôt sur les articles du projet. M. le président a donné lecture des pièces déposées sur le bureau, puis la parole a été accordée aux orateurs inscrits. Après un long échange d'observations entre les membres de la majorité et ceux de l'opposition, la séance a été suspendue pendant quelques instants. À la reprise, le ministre a répondu aux critiques formulées contre son administration et a déclaré que le cabinet maintiendrait intégralement le texte soumis aux délibérations de la Chambre. Les bureaux se sont réunis ensuite pour examiner les propositions relatives aux travaux publics et aux chemins de fer du département. On annonce que plusieurs conseillers généraux se rendront demain à la préfecture afin d'y présenter les vœux adoptés dans la dernière session. Le gouvernement a fait connaître hier au conseil les résolutions adoptées par la commission, et la discussion s'est ouverte aussitôt sur les articles du projet. M. le président a donné lecture des pièces déposées sur le bureau, puis la parole a été accordée aux orateurs inscrits. Après un long échange d'observations entre les membres de la majorité et ceux de l'opposition, la séance a été suspendue pendant quelques instants. À la reprise, le ministre a répondu aux critiques formulées contre son administration et a déclaré que le cabinet maintiendrait intégralement le texte soumis aux délibérations de la Chambre. Les bureaux se sont réunis ensuite pour examiner les propositions relatives aux travaux publics et aux chemins de fer du département. On annonce que plusieurs conseillers généraux se rendront demain à la préfecture afin d'y présenter les vœux adoptés dans la dernière session.

Le gouvernement a fait connaître hier au conseil les résolutions adoptées par la commission, et la discussion s'est ouverte aussitôt sur les articles du projet. M. le président a donné lecture des pièces déposées sur le bureau, puis la parole a été accordée aux orateurs inscrits. Après un long échange d'observations entre les membres de la majorité et ceux de l'opposition, la séance a été suspendue pendant quelques instants. À la reprise, le ministre a répondu aux critiques formulées contre son administration et a déclaré que le cabinet maintiendrait intégralement le texte soumis aux délibérations de la Chambre. Les bureaux se sont réunis ensuite pour examiner les propositions relatives aux travaux publics et aux chemins de fer du département. On annonce que plusieurs conseillers généraux se rendront demain à la préfecture afin d'y présenter les vœux adoptés dans la dernière session. Le gouvernement a fait connaître hier au conseil les résolutions adoptées par la commission, et la discussion s'est ouverte aussitôt sur les articles du projet. M. le président a donné lecture des pièces déposées sur le bureau, puis la parole a été accordée aux orateurs inscrits. Après un long échange d'observations entre les membres de la majorité et ceux de l'opposition, la séance a été suspendue pendant quelques instants. À la reprise, le ministre a répondu aux critiques formulées contre son administration et a déclaré que le cabinet maintiendrait intégralement le texte soumis aux délibérations de la Chambre. Les bureaux se sont réunis ensuite pour examiner les propositions relatives aux travaux publics et aux chemins de fer du département. On annonce que plusieurs conseillers généraux se rendront demain à la préfecture afin d'y présenter les vœux adoptés dans la dernière session.

L'EMPRUNT DU RHÔNE

Le gouvernement a fait connaître hier au conseil les résolutions adoptées par la commission, et la discussion s'est ouverte aussitôt sur les articles du projet. M. le président a donné lecture des pièces déposées sur le bureau, puis la parole a été accordée aux orateurs inscrits. Après un long échange d'observations entre les membres de la majorité et ceux de l'opposition, la séance a été suspendue pendant quelques instants. À la reprise, le ministre a répondu aux critiques formulées contre son administration et a déclaré que le cabinet maintiendrait intégralement le texte soumis aux délibérations de la Chambre. Les bureaux se sont réunis ensuite pour examiner les propositions relatives aux travaux publics et aux chemins de fer du département. On annonce que plusieurs conseillers généraux se rendront demain à la préfecture afin d'y présenter les vœux adoptés dans la dernière session. Le gouvernement a fait connaître hier au conseil les résolutions adoptées par la commission, et la discussion s'est ouverte aussitôt sur les articles du projet. M. le président a donné lecture des pièces déposées sur le bureau, puis la parole a été accordée aux orateurs inscrits. Après un long échange d'observations entre les membres de la majorité et ceux de l'opposition, la séance a été suspendue pendant quelques instants. À la reprise, le ministre a répondu aux critiques formulées contre son administration et a déclaré que le cabinet maintiendrait intégralement le texte soumis aux délibérations de la Chambre. Les bureaux se sont réunis ensuite pour examiner les propositions relatives aux travaux publics et aux chemins de fer du département. On annonce que plusieurs conseillers généraux se rendront demain à la préfecture afin d'y présenter les vœux adoptés dans la dernière session.

Le gouvernement a fait connaître hier au conseil les résolutions adoptées par la commission, et la discussion s'est ouverte aussitôt sur les articles du projet. M. le président a donné lecture des pièces déposées sur le bureau, puis la parole a été accordée aux orateurs inscrits. Après un long échange d'observations entre les membres de la majorité et ceux de l'opposition, la séance a été suspendue pendant quelques instants. À la reprise, le ministre a répondu aux critiques formulées contre son administration et a déclaré que le cabinet maintiendrait intégralement le texte soumis aux délibérations de la Chambre. Les bureaux se sont réunis ensuite pour examiner les propositions relatives aux travaux publics et aux chemins de fer du département. On annonce que plusieurs conseillers généraux se rendront demain à la préfecture afin d'y présenter les vœux adoptés dans la dernière session. Le gouvernement a fait connaître hier au conseil les résolutions adoptées par la commission, et la discussion s'est ouverte aussitôt sur les articles du projet. M. le président a donné lecture des pièces déposées sur le bureau, puis la parole a été accordée aux orateurs inscrits. Après un long échange d'observations entre les membres de la majorité et ceux de l'opposition, la séance a été suspendue pendant quelques instants. À la reprise, le ministre a répondu aux critiques formulées contre son administration et a déclaré que le cabinet maintiendrait intégralement le texte soumis aux délibérations de la Chambre. Les bureaux se sont réunis ensuite pour examiner les propositions relatives aux travaux publics et aux chemins de fer du département. On annonce que plusieurs conseillers généraux se rendront demain à la préfecture afin d'y présenter les vœux adoptés dans la dernière session.

Le gouvernement a fait connaître hier au conseil les résolutions adoptées par la commission, et la discussion s'est ouverte aussitôt sur les articles du projet. M. le président a donné lecture des pièces déposées sur le bureau, puis la parole a été accordée aux orateurs inscrits. Après un long échange d'observations entre les membres de la majorité et ceux de l'opposition, la séance a été suspendue pendant quelques instants. À la reprise, le ministre a répondu aux critiques formulées contre son administration et a déclaré que le cabinet maintiendrait intégralement le texte soumis aux délibérations de la Chambre. Les bureaux se sont réunis ensuite pour examiner les propositions relatives aux travaux publics et aux chemins de fer du département. On annonce que plusieurs conseillers généraux se rendront demain à la préfecture afin d'y présenter les vœux adoptés dans la dernière session. Le gouvernement a fait connaître hier au conseil les résolutions adoptées par la commission, et la discussion s'est ouverte aussitôt sur les articles du projet. M. le président a donné lecture des pièces déposées sur le bureau, puis la parole a été accordée aux orateurs inscrits. Après un long échange d'observations entre les membres de la majorité et ceux de l'opposition, la séance a été suspendue pendant quelques instants. À la reprise, le ministre a répondu aux critiques formulées contre son administration et a déclaré que le cabinet maintiendrait intégralement le texte soumis aux délibérations de la Chambre. Les bureaux se sont réunis ensuite pour examiner les propositions relatives aux travaux publics et aux chemins de fer du département. On annonce que plusieurs conseillers généraux se rendront demain à la préfecture afin d'y présenter les vœux adoptés dans la dernière session.

Le gouvernement a fait connaître hier au conseil les résolutions adoptées par la commission, et la discussion s'est ouverte aussitôt sur les articles du projet. M. le président a donné lecture des pièces déposées sur le bureau, puis la parole a été accordée aux orateurs inscrits. Après un long échange d'observations entre les membres de la majorité et ceux de l'opposition, la séance a été suspendue pendant quelques instants. À la reprise, le ministre a répondu aux critiques formulées contre son administration et a déclaré que le cabinet maintiendrait intégralement le texte soumis aux délibérations de la Chambre. Les bureaux se sont réunis ensuite pour examiner les propositions relatives aux travaux publics et aux chemins de fer du département. On annonce que plusieurs conseillers généraux se rendront demain à la préfecture afin d'y présenter les vœux adoptés dans la dernière session. Le gouvernement a fait connaître hier au conseil les résolutions adoptées par la commission, et la discussion s'est ouverte aussitôt sur les articles du projet. M. le président a donné lecture des pièces déposées sur le bureau, puis la parole a été accordée aux orateurs inscrits. Après un long échange d'observations entre les membres de la majorité et ceux de l'opposition, la séance a été suspendue pendant quelques instants. À la reprise, le ministre a répondu aux critiques formulées contre son administration et a déclaré que le cabinet maintiendrait intégralement le texte soumis aux délibérations de la Chambre. Les bureaux se sont réunis ensuite pour examiner les propositions relatives aux travaux publics et aux chemins de fer du département. On annonce que plusieurs conseillers généraux se rendront demain à la préfecture afin d'y présenter les vœux adoptés dans la dernière session.

Le gouvernement a fait connaître hier au conseil les résolutions adoptées par la commission, et la discussion s'est ouverte aussitôt sur les articles du projet. M. le président a donné lecture des pièces déposées sur le bureau, puis la parole a été accordée aux orateurs inscrits. Après un long échange d'observations entre les membres de la majorité et ceux de l'opposition, la séance a été suspendue pendant quelques instants. À la reprise, le ministre a répondu aux critiques formulées contre son administration et a déclaré que le cabinet maintiendrait intégralement le texte soumis aux délibérations de la Chambre. Les bureaux se sont réunis ensuite pour examiner les propositions relatives aux travaux publics et aux chemins de fer du département. On annonce que plusieurs conseillers généraux se rendront demain à la préfecture afin d'y présenter les vœux adoptés dans la dernière session. Le gouvernement a fait connaître hier au conseil les résolutions adoptées par la commission, et la discussion s'est ouverte aussitôt sur les articles du projet. M. le président a donné lecture des pièces déposées sur le bureau, puis la parole a été accordée aux orateurs inscrits. Après un long échange d'observations entre les membres de la majorité et ceux de l'opposition, la séance a été suspendue pendant quelques instants. À la reprise, le ministre a répondu aux critiques formulées contre son administration et a déclaré que le cabinet maintiendrait intégralement le texte soumis aux délibérations de la Chambre. Les bureaux se sont réunis ensuite pour examiner les propositions relatives aux travaux publics et aux chemins de fer du département. On annonce que plusieurs conseillers généraux se rendront demain à la préfecture afin d'y présenter les vœux adoptés dans la dernière session.

UN DUR-À-CUIR

Le gouvernement a fait connaître hier au conseil les résolutions adoptées par la commission, et la discussion s'est ouverte aussitôt sur les articles du projet. M. le président a donné lecture des pièces déposées sur le bureau, puis la parole a été accordée aux orateurs inscrits. Après un long échange d'observations entre les membres de la majorité et ceux de l'opposition, la séance a été suspendue pendant quelques instants. À la reprise, le ministre a répondu aux critiques formulées contre son administration et a déclaré que le cabinet maintiendrait intégralement le texte soumis aux délibérations de la Chambre. Les bureaux se sont réunis ensuite pour examiner les propositions relatives aux travaux publics et aux chemins de fer du département. On annonce que plusieurs conseillers généraux se rendront demain à la préfecture afin d'y présenter les vœux adoptés dans la dernière session. Le gouvernement a fait connaître hier au conseil les résolutions adoptées par la commission, et la discussion s'est ouverte aussitôt sur les articles du projet. M. le président a donné lecture des pièces déposées sur le bureau, puis la parole a été accordée aux orateurs inscrits. Après un long échange d'observations entre les membres de la majorité et ceux de l'opposition, la séance a été suspendue pendant quelques instants. À la reprise, le ministre a répondu aux critiques formulées contre son administration et a déclaré que le cabinet maintiendrait intégralement le texte soumis aux délibérations de la Chambre. Les bureaux se sont réunis ensuite pour examiner les propositions relatives aux travaux publics et aux chemins de fer du département. On annonce que plusieurs conseillers généraux se rendront demain à la préfecture afin d'y présenter les vœux adoptés dans la dernière session.

Le gouvernement a fait connaître hier au conseil les résolutions adoptées par la commission, et la discussion s'est ouverte aussitôt sur les articles du projet. M. le président a donné lecture des pièces déposées sur le bureau, puis la parole a été accordée aux orateurs inscrits. Après un long échange d'observations entre les membres de la majorité et ceux de l'opposition, la séance a été suspendue pendant quelques instants. À la reprise, le ministre a répondu aux critiques formulées contre son administration et a déclaré que le cabinet maintiendrait intégralement le texte soumis aux délibérations de la Chambre. Les bureaux se sont réunis ensuite pour examiner les propositions relatives aux travaux publics et aux chemins de fer du département. On annonce que plusieurs conseillers généraux se rendront demain à la préfecture afin d'y présenter les vœux adoptés dans la dernière session. Le gouvernement a fait connaître hier au conseil les résolutions adoptées par la commission, et la discussion s'est ouverte aussitôt sur les articles du projet. M. le président a donné lecture des pièces déposées sur le bureau, puis la parole a été accordée aux orateurs inscrits. Après un long échange d'observations entre les membres de la majorité et ceux de l'opposition, la séance a été suspendue pendant quelques instants. À la reprise, le ministre a répondu aux critiques formulées contre son administration et a déclaré que le cabinet maintiendrait intégralement le texte soumis aux délibérations de la Chambre. Les bureaux se sont réunis ensuite pour examiner les propositions relatives aux travaux publics et aux chemins de fer du département. On annonce que plusieurs conseillers généraux se rendront demain à la préfecture afin d'y présenter les vœux adoptés dans la dernière session.

Le Souvenir de Cassius de Fontan

Le gouvernement a fait connaître hier au conseil les résolutions adoptées par la commission, et la discussion s'est ouverte aussitôt sur les articles du projet. M. le président a donné lecture des pièces déposées sur le bureau, puis la parole a été accordée aux orateurs inscrits. Après un long échange d'observations entre les membres de la majorité et ceux de l'opposition, la séance a été suspendue pendant quelques instants. À la reprise, le ministre a répondu aux critiques formulées contre son administration et a déclaré que le cabinet maintiendrait intégralement le texte soumis aux délibérations de la Chambre. Les bureaux se sont réunis ensuite pour examiner les propositions relatives aux travaux publics et aux chemins de fer du département. On annonce que plusieurs conseillers généraux se rendront demain à la préfecture afin d'y présenter les vœux adoptés dans la dernière session. Le gouvernement a fait connaître hier au conseil les résolutions adoptées par la commission, et la discussion s'est ouverte aussitôt sur les articles du projet. M. le président a donné lecture des pièces déposées sur le bureau, puis la parole a été accordée aux orateurs inscrits. Après un long échange d'observations entre les membres de la majorité et ceux de l'opposition, la séance a été suspendue pendant quelques instants. À la reprise, le ministre a répondu aux critiques formulées contre son administration et a déclaré que le cabinet maintiendrait intégralement le texte soumis aux délibérations de la Chambre. Les bureaux se sont réunis ensuite pour examiner les propositions relatives aux travaux publics et aux chemins de fer du département. On annonce que plusieurs conseillers généraux se rendront demain à la préfecture afin d'y présenter les vœux adoptés dans la dernière session.

LA PROPRIÉTÉ DE L'EAU DE MER

Le gouvernement a fait connaître hier au conseil les résolutions adoptées par la commission, et la discussion s'est ouverte aussitôt sur les articles du projet. M. le président a donné lecture des pièces déposées sur le bureau, puis la parole a été accordée aux orateurs inscrits. Après un long échange d'observations entre les membres de la majorité et ceux de l'opposition, la séance a été suspendue pendant quelques instants. À la reprise, le ministre a répondu aux critiques formulées contre son administration et a déclaré que le cabinet maintiendrait intégralement le texte soumis aux délibérations de la Chambre. Les bureaux se sont réunis ensuite pour examiner les propositions relatives aux travaux publics et aux chemins de fer du département. On annonce que plusieurs conseillers généraux se rendront demain à la préfecture afin d'y présenter les vœux adoptés dans la dernière session. Le gouvernement a fait connaître hier au conseil les résolutions adoptées par la commission, et la discussion s'est ouverte aussitôt sur les articles du projet. M. le président a donné lecture des pièces déposées sur le bureau, puis la parole a été accordée aux orateurs inscrits. Après un long échange d'observations entre les membres de la majorité et ceux de l'opposition, la séance a été suspendue pendant quelques instants. À la reprise, le ministre a répondu aux critiques formulées contre son administration et a déclaré que le cabinet maintiendrait intégralement le texte soumis aux délibérations de la Chambre. Les bureaux se sont réunis ensuite pour examiner les propositions relatives aux travaux publics et aux chemins de fer du département. On annonce que plusieurs conseillers généraux se rendront demain à la préfecture afin d'y présenter les vœux adoptés dans la dernière session.

Le gouvernement a fait connaître hier au conseil les résolutions adoptées par la commission, et la discussion s'est ouverte aussitôt sur les articles du projet. M. le président a donné lecture des pièces déposées sur le bureau, puis la parole a été accordée aux orateurs inscrits. Après un long échange d'observations entre les membres de la majorité et ceux de l'opposition, la séance a été suspendue pendant quelques instants. À la reprise, le ministre a répondu aux critiques formulées contre son administration et a déclaré que le cabinet maintiendrait intégralement le texte soumis aux délibérations de la Chambre. Les bureaux se sont réunis ensuite pour examiner les propositions relatives aux travaux publics et aux chemins de fer du département. On annonce que plusieurs conseillers généraux se rendront demain à la préfecture afin d'y présenter les vœux adoptés dans la dernière session. Le gouvernement a fait connaître hier au conseil les résolutions adoptées par la commission, et la discussion s'est ouverte aussitôt sur les articles du projet. M. le président a donné lecture des pièces déposées sur le bureau, puis la parole a été accordée aux orateurs inscrits. Après un long échange d'observations entre les membres de la majorité et ceux de l'opposition, la séance a été suspendue pendant quelques instants. À la reprise, le ministre a répondu aux critiques formulées contre son administration et a déclaré que le cabinet maintiendrait intégralement le texte soumis aux délibérations de la Chambre. Les bureaux se sont réunis ensuite pour examiner les propositions relatives aux travaux publics et aux chemins de fer du département. On annonce que plusieurs conseillers généraux se rendront demain à la préfecture afin d'y présenter les vœux adoptés dans la dernière session.
